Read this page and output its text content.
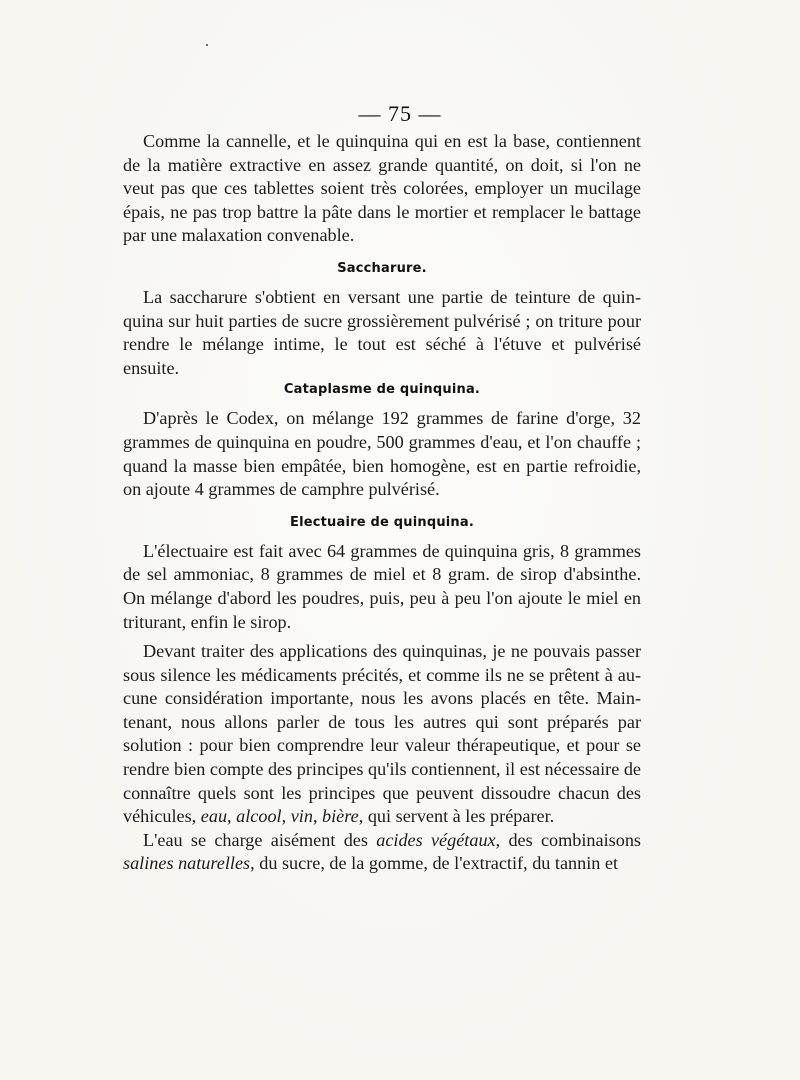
— 75 —

Comme la cannelle, et le quinquina qui en est la base, contiennent de la matière extractive en assez grande quantité, on doit, si l'on ne veut pas que ces tablettes soient très colorées, employer un mucilage épais, ne pas trop battre la pâte dans le mortier et remplacer le battage par une malaxation convenable.

Saccharure.

La saccharure s'obtient en versant une partie de teinture de quinquina sur huit parties de sucre grossièrement pulvérisé ; on triture pour rendre le mélange intime, le tout est séché à l'étuve et pulvérisé ensuite.

Cataplasme de quinquina.

D'après le Codex, on mélange 192 grammes de farine d'orge, 32 grammes de quinquina en poudre, 500 grammes d'eau, et l'on chauffe ; quand la masse bien empâtée, bien homogène, est en partie refroidie, on ajoute 4 grammes de camphre pulvérisé.

Electuaire de quinquina.

L'électuaire est fait avec 64 grammes de quinquina gris, 8 grammes de sel ammoniac, 8 grammes de miel et 8 gram. de sirop d'absinthe. On mélange d'abord les poudres, puis, peu à peu l'on ajoute le miel en triturant, enfin le sirop.

Devant traiter des applications des quinquinas, je ne pouvais passer sous silence les médicaments précités, et comme ils ne se prêtent à aucune considération importante, nous les avons placés en tête. Maintenant, nous allons parler de tous les autres qui sont préparés par solution : pour bien comprendre leur valeur thérapeutique, et pour se rendre bien compte des principes qu'ils contiennent, il est nécessaire de connaître quels sont les principes que peuvent dissoudre chacun des véhicules, eau, alcool, vin, bière, qui servent à les préparer.

L'eau se charge aisément des acides végétaux, des combinaisons salines naturelles, du sucre, de la gomme, de l'extractif, du tannin et
